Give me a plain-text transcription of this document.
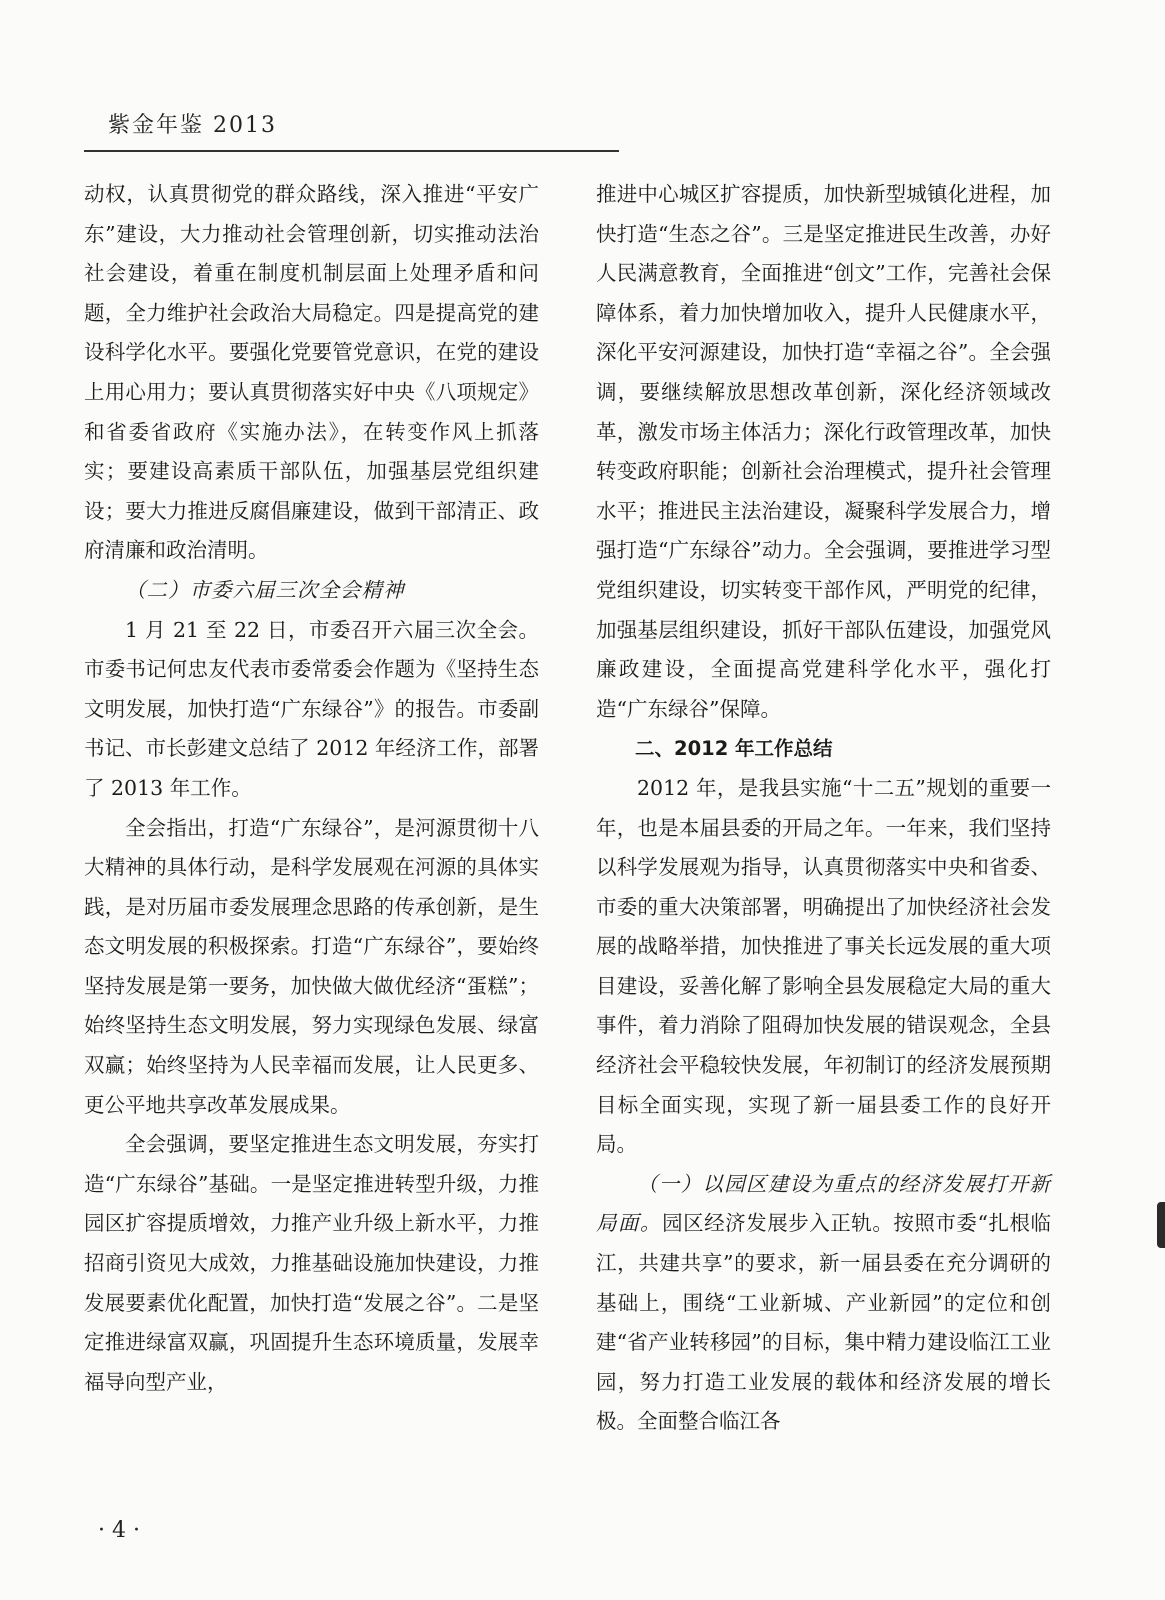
紫金年鉴 2013

动权，认真贯彻党的群众路线，深入推进“平安广东”建设，大力推动社会管理创新，切实推动法治社会建设，着重在制度机制层面上处理矛盾和问题，全力维护社会政治大局稳定。四是提高党的建设科学化水平。要强化党要管党意识，在党的建设上用心用力；要认真贯彻落实好中央《八项规定》和省委省政府《实施办法》，在转变作风上抓落实；要建设高素质干部队伍，加强基层党组织建设；要大力推进反腐倡廉建设，做到干部清正、政府清廉和政治清明。

（二）市委六届三次全会精神

1 月 21 至 22 日，市委召开六届三次全会。市委书记何忠友代表市委常委会作题为《坚持生态文明发展，加快打造“广东绿谷”》的报告。市委副书记、市长彭建文总结了 2012 年经济工作，部署了 2013 年工作。

全会指出，打造“广东绿谷”，是河源贯彻十八大精神的具体行动，是科学发展观在河源的具体实践，是对历届市委发展理念思路的传承创新，是生态文明发展的积极探索。打造“广东绿谷”，要始终坚持发展是第一要务，加快做大做优经济“蛋糕”；始终坚持生态文明发展，努力实现绿色发展、绿富双赢；始终坚持为人民幸福而发展，让人民更多、更公平地共享改革发展成果。

全会强调，要坚定推进生态文明发展，夯实打造“广东绿谷”基础。一是坚定推进转型升级，力推园区扩容提质增效，力推产业升级上新水平，力推招商引资见大成效，力推基础设施加快建设，力推发展要素优化配置，加快打造“发展之谷”。二是坚定推进绿富双赢，巩固提升生态环境质量，发展幸福导向型产业，

推进中心城区扩容提质，加快新型城镇化进程，加快打造“生态之谷”。三是坚定推进民生改善，办好人民满意教育，全面推进“创文”工作，完善社会保障体系，着力加快增加收入，提升人民健康水平，深化平安河源建设，加快打造“幸福之谷”。全会强调，要继续解放思想改革创新，深化经济领域改革，激发市场主体活力；深化行政管理改革，加快转变政府职能；创新社会治理模式，提升社会管理水平；推进民主法治建设，凝聚科学发展合力，增强打造“广东绿谷”动力。全会强调，要推进学习型党组织建设，切实转变干部作风，严明党的纪律，加强基层组织建设，抓好干部队伍建设，加强党风廉政建设，全面提高党建科学化水平，强化打造“广东绿谷”保障。

二、2012 年工作总结

2012 年，是我县实施“十二五”规划的重要一年，也是本届县委的开局之年。一年来，我们坚持以科学发展观为指导，认真贯彻落实中央和省委、市委的重大决策部署，明确提出了加快经济社会发展的战略举措，加快推进了事关长远发展的重大项目建设，妥善化解了影响全县发展稳定大局的重大事件，着力消除了阻碍加快发展的错误观念，全县经济社会平稳较快发展，年初制订的经济发展预期目标全面实现，实现了新一届县委工作的良好开局。

（一）以园区建设为重点的经济发展打开新局面。园区经济发展步入正轨。按照市委“扎根临江，共建共享”的要求，新一届县委在充分调研的基础上，围绕“工业新城、产业新园”的定位和创建“省产业转移园”的目标，集中精力建设临江工业园，努力打造工业发展的载体和经济发展的增长极。全面整合临江各

· 4 ·
